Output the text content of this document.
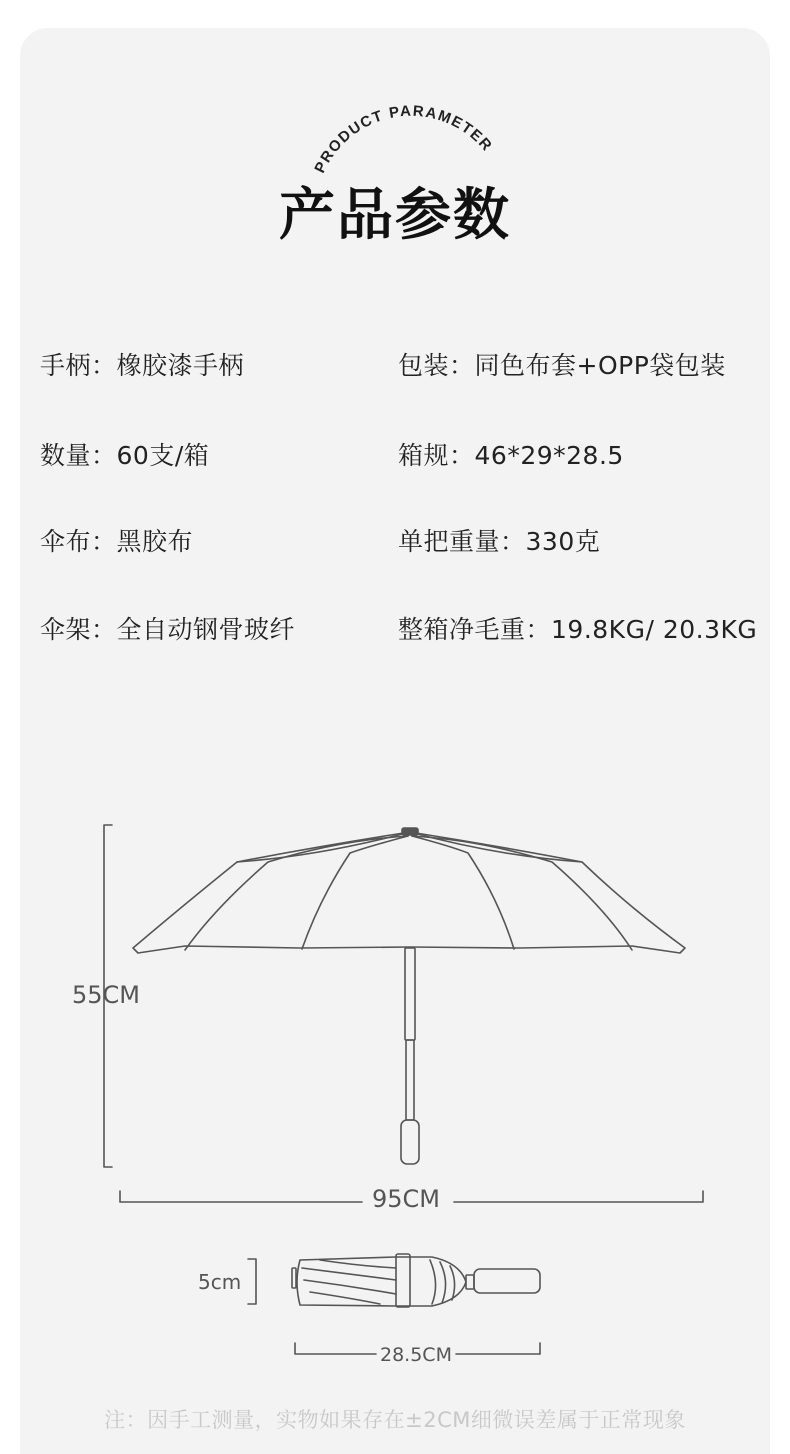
PRODUCT PARAMETER
产品参数
手柄：橡胶漆手柄	包装：同色布套+OPP袋包装
数量：60支/箱	箱规：46*29*28.5
伞布：黑胶布	单把重量：330克
伞架：全自动钢骨玻纤	整箱净毛重：19.8KG/ 20.3KG
55CM
95CM
5cm
28.5CM
注：因手工测量，实物如果存在±2CM细微误差属于正常现象
